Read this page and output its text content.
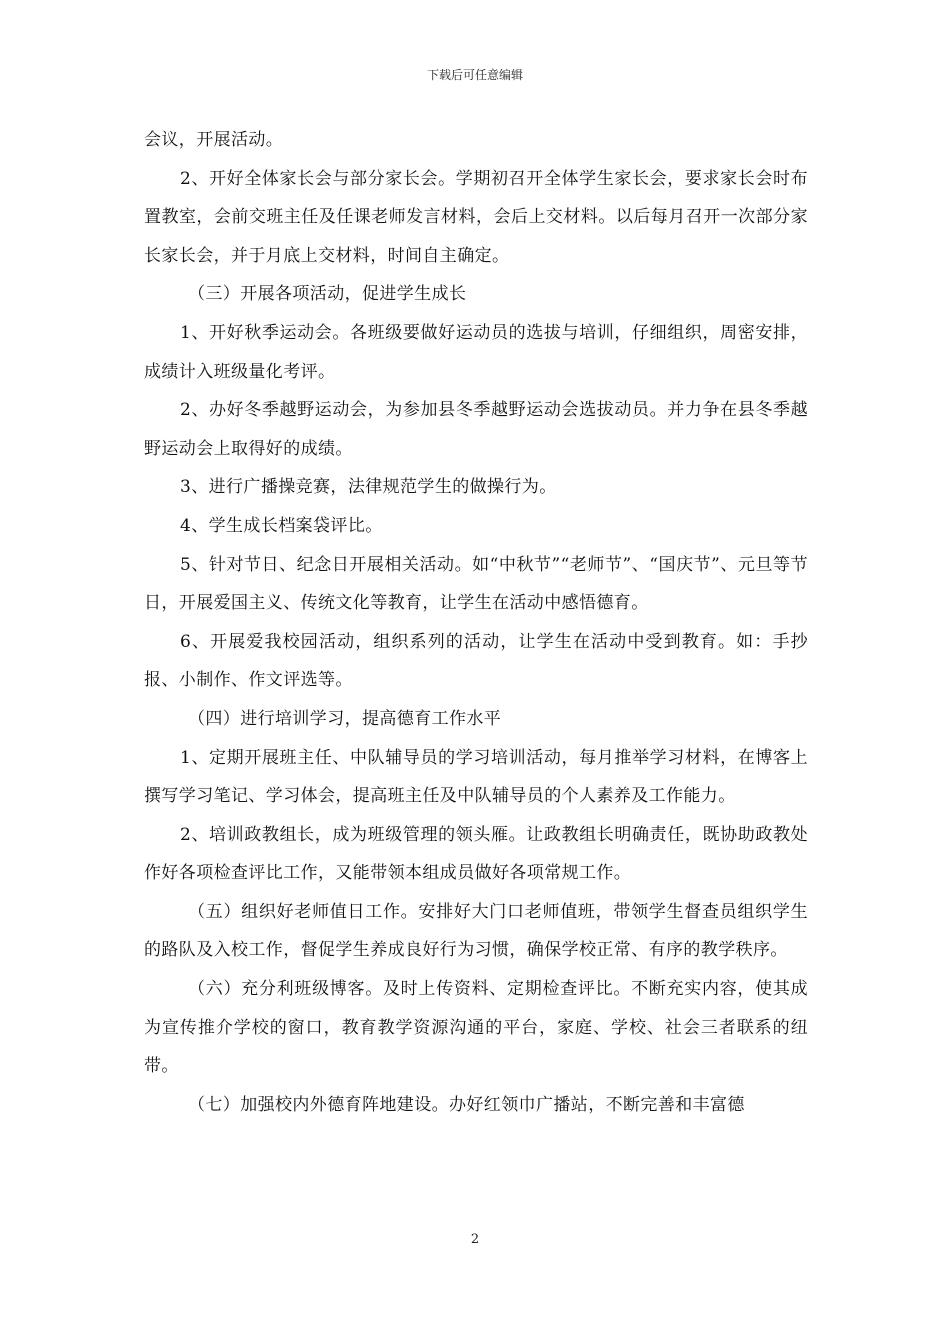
下载后可任意编辑

会议，开展活动。

2、开好全体家长会与部分家长会。学期初召开全体学生家长会，要求家长会时布置教室，会前交班主任及任课老师发言材料，会后上交材料。以后每月召开一次部分家长家长会，并于月底上交材料，时间自主确定。

（三）开展各项活动，促进学生成长

1、开好秋季运动会。各班级要做好运动员的选拔与培训，仔细组织，周密安排，成绩计入班级量化考评。

2、办好冬季越野运动会，为参加县冬季越野运动会选拔动员。并力争在县冬季越野运动会上取得好的成绩。

3、进行广播操竞赛，法律规范学生的做操行为。

4、学生成长档案袋评比。

5、针对节日、纪念日开展相关活动。如“中秋节”“老师节”、“国庆节”、元旦等节日，开展爱国主义、传统文化等教育，让学生在活动中感悟德育。

6、开展爱我校园活动，组织系列的活动，让学生在活动中受到教育。如：手抄报、小制作、作文评选等。

（四）进行培训学习，提高德育工作水平

1、定期开展班主任、中队辅导员的学习培训活动，每月推举学习材料，在博客上撰写学习笔记、学习体会，提高班主任及中队辅导员的个人素养及工作能力。

2、培训政教组长，成为班级管理的领头雁。让政教组长明确责任，既协助政教处作好各项检查评比工作，又能带领本组成员做好各项常规工作。

（五）组织好老师值日工作。安排好大门口老师值班，带领学生督查员组织学生的路队及入校工作，督促学生养成良好行为习惯，确保学校正常、有序的教学秩序。

（六）充分利班级博客。及时上传资料、定期检查评比。不断充实内容，使其成为宣传推介学校的窗口，教育教学资源沟通的平台，家庭、学校、社会三者联系的纽带。

（七）加强校内外德育阵地建设。办好红领巾广播站，不断完善和丰富德

2
